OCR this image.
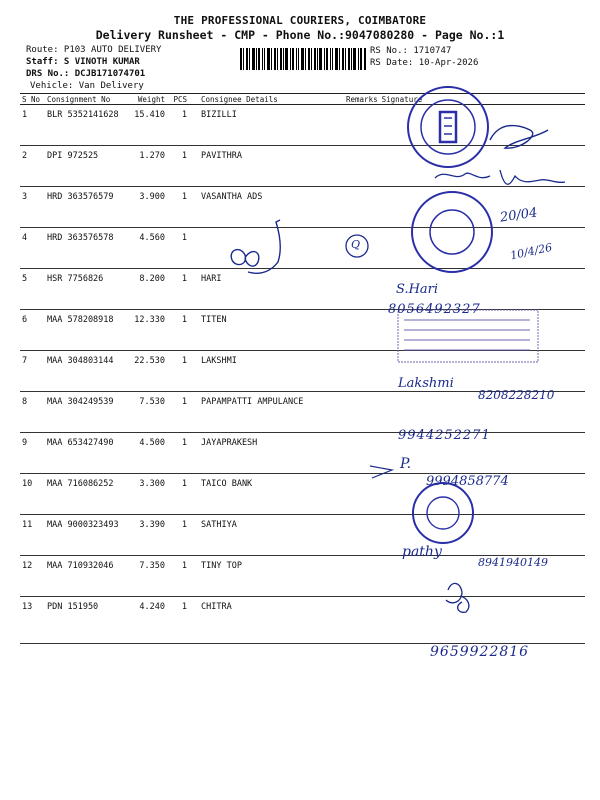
THE PROFESSIONAL COURIERS, COIMBATORE
Delivery Runsheet - CMP - Phone No.:9047080280 - Page No.:1
Route: P103 AUTO DELIVERY
Staff: S VINOTH KUMAR
DRS No.: DCJB171074701
Vehicle: Van Delivery
RS No.: 1710747
RS Date: 10-Apr-2026
S No	Consignment No	Weight	PCS	Consignee Details	Remarks	Signature
1	BLR 5352141628	15.410	1	BIZILLI		
2	DPI 972525	1.270	1	PAVITHRA		
3	HRD 363576579	3.900	1	VASANTHA ADS		
4	HRD 363576578	4.560	1			
5	HSR 7756826	8.200	1	HARI		
6	MAA 578208918	12.330	1	TITEN		
7	MAA 304803144	22.530	1	LAKSHMI		
8	MAA 304249539	7.530	1	PAPAMPATTI AMPULANCE		
9	MAA 653427490	4.500	1	JAYAPRAKESH		
10	MAA 716086252	3.300	1	TAICO BANK		
11	MAA 9000323493	3.390	1	SATHIYA		
12	MAA 710932046	7.350	1	TINY TOP		
13	PDN 151950	4.240	1	CHITRA		
20/04
10/4/26
S.Hari
8056492327
Lakshmi
8208228210
9944252271
P.
9994858774
pathy
8941940149
9659922816
Q
